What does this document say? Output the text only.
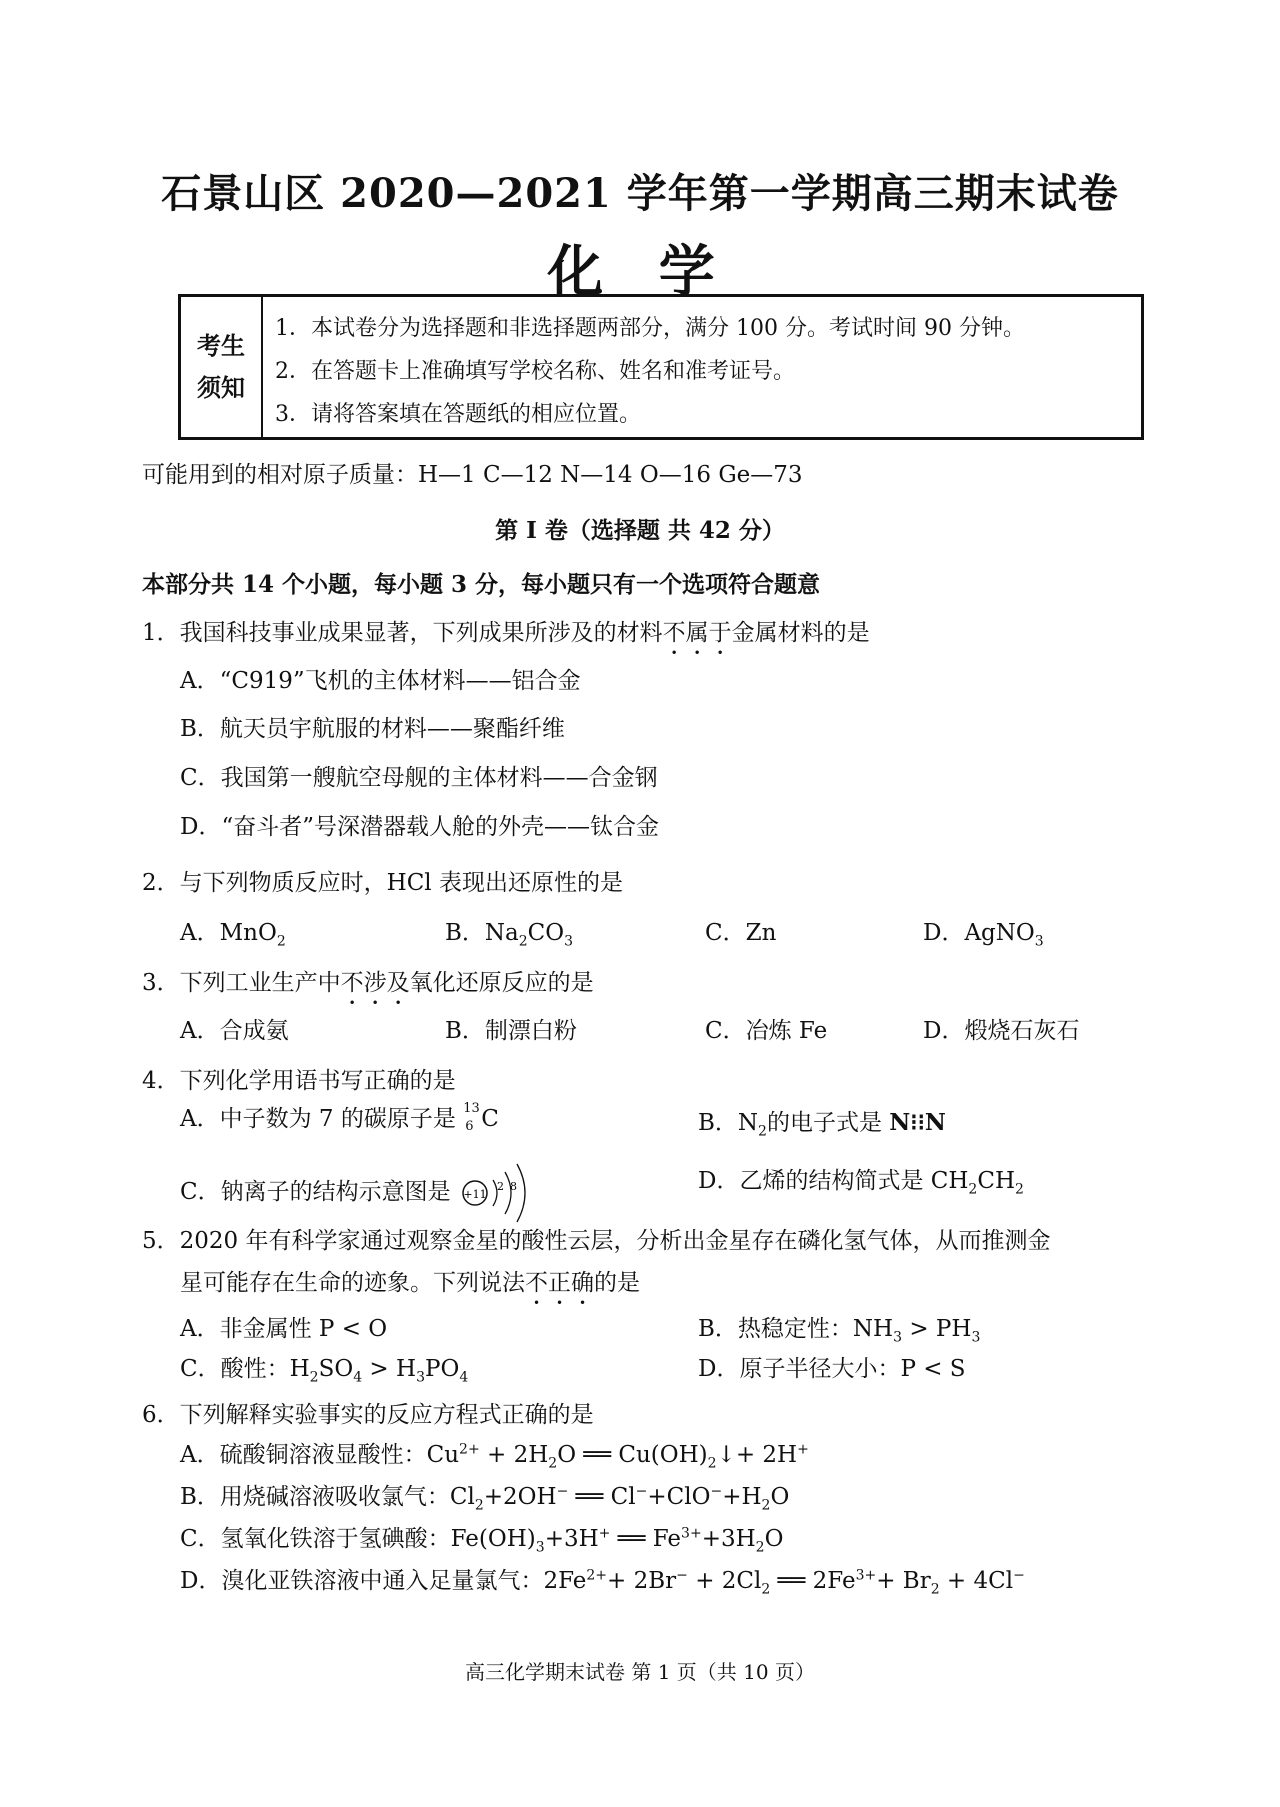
石景山区 2020—2021 学年第一学期高三期末试卷
化 学
考生
须知
1．本试卷分为选择题和非选择题两部分，满分 100 分。考试时间 90 分钟。
2．在答题卡上准确填写学校名称、姓名和准考证号。
3．请将答案填在答题纸的相应位置。
可能用到的相对原子质量：H—1 C—12 N—14 O—16 Ge—73
第 I 卷（选择题 共 42 分）
本部分共 14 个小题，每小题 3 分，每小题只有一个选项符合题意
1．我国科技事业成果显著，下列成果所涉及的材料不属于金属材料的是
A．“C919”飞机的主体材料——铝合金
B．航天员宇航服的材料——聚酯纤维
C．我国第一艘航空母舰的主体材料——合金钢
D．“奋斗者”号深潜器载人舱的外壳——钛合金
2．与下列物质反应时，HCl 表现出还原性的是
A．MnO$_2$	B．$Na_2CO_3$	C．Zn	D．AgNO$_3$
3．下列工业生产中不涉及氧化还原反应的是
A．合成氨	B．制漂白粉	C．冶炼 Fe	D．煅烧石灰石
4．下列化学用语书写正确的是
A．中子数为 7 的碳原子是 13
6 C	B．$N_2$的电子式是 N⁝⁝N
C．钠离子的结构示意图是 +11
2 8	D．乙烯的结构简式是 $CH_2CH_2$
5．2020 年有科学家通过观察金星的酸性云层，分析出金星存在磷化氢气体，从而推测金
星可能存在生命的迹象。下列说法不正确的是
A．非金属性 P < O	B．热稳定性：$NH_3 > PH_3$
C．酸性：$H_2SO_4 > H_3PO_4$	D．原子半径大小：P < S
6．下列解释实验事实的反应方程式正确的是
A．硫酸铜溶液显酸性：$Cu^{2+} + 2H_2O$ ══ $Cu(OH)_2↓+ 2H^+$
B．用烧碱溶液吸收氯气：$Cl_2+2OH^-$ ══ $Cl^-+ClO^-+H_2O$
C．氢氧化铁溶于氢碘酸：$Fe(OH)_3+3H^+$ ══ $Fe^{3+}+3H_2O$
D．溴化亚铁溶液中通入足量氯气：$2Fe^{2+}+ 2Br^- + 2Cl_2$ ══ $2Fe^{3+}+ Br_2 + 4Cl^-$
高三化学期末试卷 第 1 页（共 10 页）
